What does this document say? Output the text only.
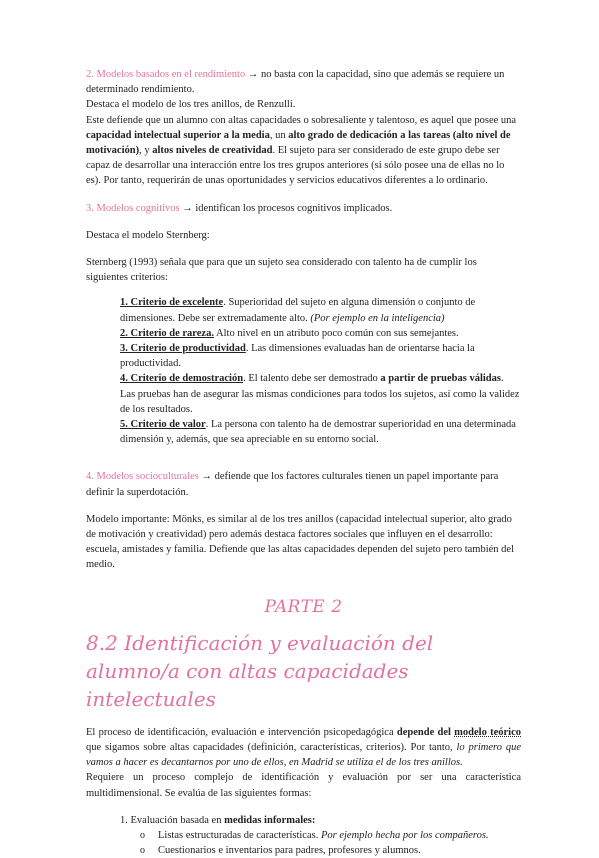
2. Modelos basados en el rendimiento → no basta con la capacidad, sino que además se requiere un determinado rendimiento.

Destaca el modelo de los tres anillos, de Renzulli.

Este defiende que un alumno con altas capacidades o sobresaliente y talentoso, es aquel que posee una capacidad intelectual superior a la media, un alto grado de dedicación a las tareas (alto nivel de motivación), y altos niveles de creatividad. El sujeto para ser considerado de este grupo debe ser capaz de desarrollar una interacción entre los tres grupos anteriores (si sólo posee una de ellas no lo es). Por tanto, requerirán de unas oportunidades y servicios educativos diferentes a lo ordinario.

3. Modelos cognitivos → identifican los procesos cognitivos implicados.

Destaca el modelo Sternberg:

Sternberg (1993) señala que para que un sujeto sea considerado con talento ha de cumplir los siguientes criterios:

1. Criterio de excelente. Superioridad del sujeto en alguna dimensión o conjunto de dimensiones. Debe ser extremadamente alto. (Por ejemplo en la inteligencia)

2. Criterio de rareza. Alto nivel en un atributo poco común con sus semejantes.

3. Criterio de productividad. Las dimensiones evaluadas han de orientarse hacia la productividad.

4. Criterio de demostración. El talento debe ser demostrado a partir de pruebas válidas. Las pruebas han de asegurar las mismas condiciones para todos los sujetos, así como la validez de los resultados.

5. Criterio de valor. La persona con talento ha de demostrar superioridad en una determinada dimensión y, además, que sea apreciable en su entorno social.

4. Modelos socioculturales → defiende que los factores culturales tienen un papel importante para definir la superdotación.

Modelo importante: Mönks, es similar al de los tres anillos (capacidad intelectual superior, alto grado de motivación y creatividad) pero además destaca factores sociales que influyen en el desarrollo: escuela, amistades y familia. Defiende que las altas capacidades dependen del sujeto pero también del medio.

PARTE 2
8.2 Identificación y evaluación del alumno/a con altas capacidades intelectuales

El proceso de identificación, evaluación e intervención psicopedagógica depende del modelo teórico que sigamos sobre altas capacidades (definición, características, criterios). Por tanto, lo primero que vamos a hacer es decantarnos por uno de ellos, en Madrid se utiliza el de los tres anillos.

Requiere un proceso complejo de identificación y evaluación por ser una característica multidimensional. Se evalúa de las siguientes formas:

1. Evaluación basada en medidas informales:

o Listas estructuradas de características. Por ejemplo hecha por los compañeros.
o Cuestionarios e inventarios para padres, profesores y alumnos.
